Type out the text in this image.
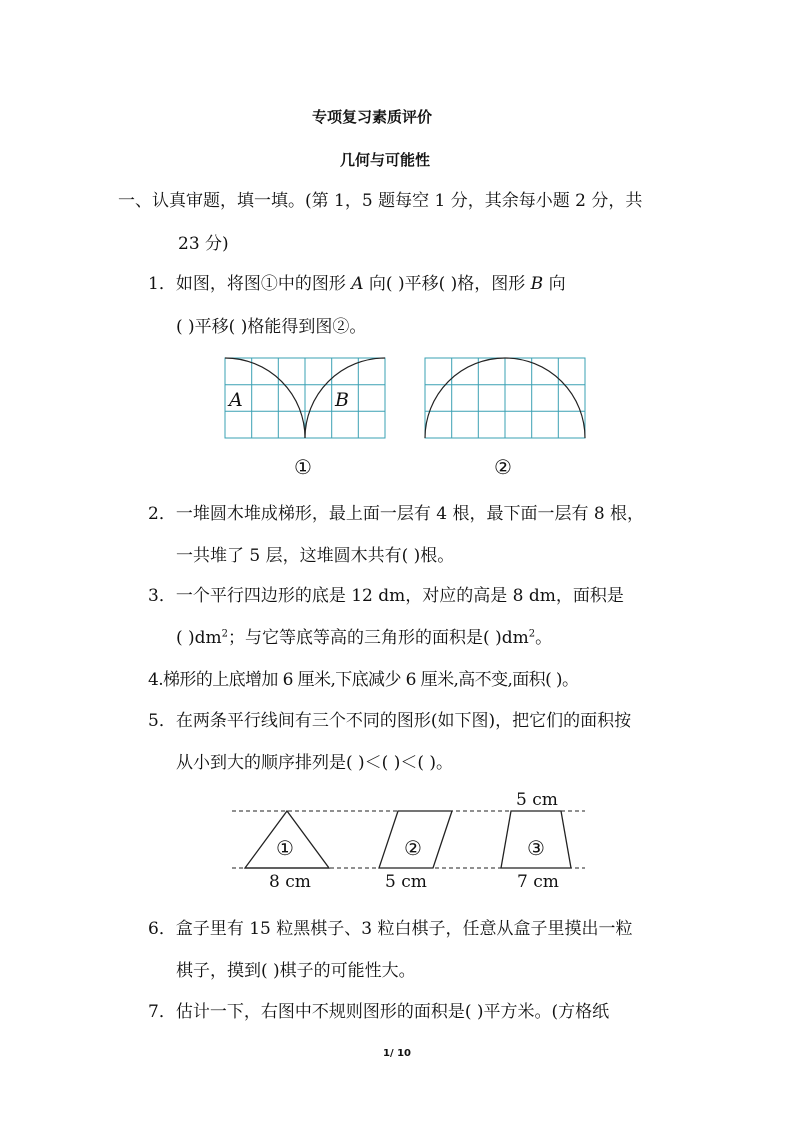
专项复习素质评价
几何与可能性
一、认真审题，填一填。(第 1，5 题每空 1 分，其余每小题 2 分，共
23 分)
1．如图，将图①中的图形 A 向( )平移( )格，图形 B 向
( )平移( )格能得到图②。
A	B
①	②
2．一堆圆木堆成梯形，最上面一层有 4 根，最下面一层有 8 根，
一共堆了 5 层，这堆圆木共有( )根。
3．一个平行四边形的底是 12 dm，对应的高是 8 dm，面积是
( )$dm^2$；与它等底等高的三角形的面积是( )$dm^2$。
4.梯形的上底增加 6 厘米,下底减少 6 厘米,高不变,面积( )。
5．在两条平行线间有三个不同的图形(如下图)，把它们的面积按
从小到大的顺序排列是( )＜( )＜( )。
①	②	③
5 cm
8 cm	5 cm	7 cm
6．盒子里有 15 粒黑棋子、3 粒白棋子，任意从盒子里摸出一粒
棋子，摸到( )棋子的可能性大。
7．估计一下，右图中不规则图形的面积是( )平方米。(方格纸
1/ 10
